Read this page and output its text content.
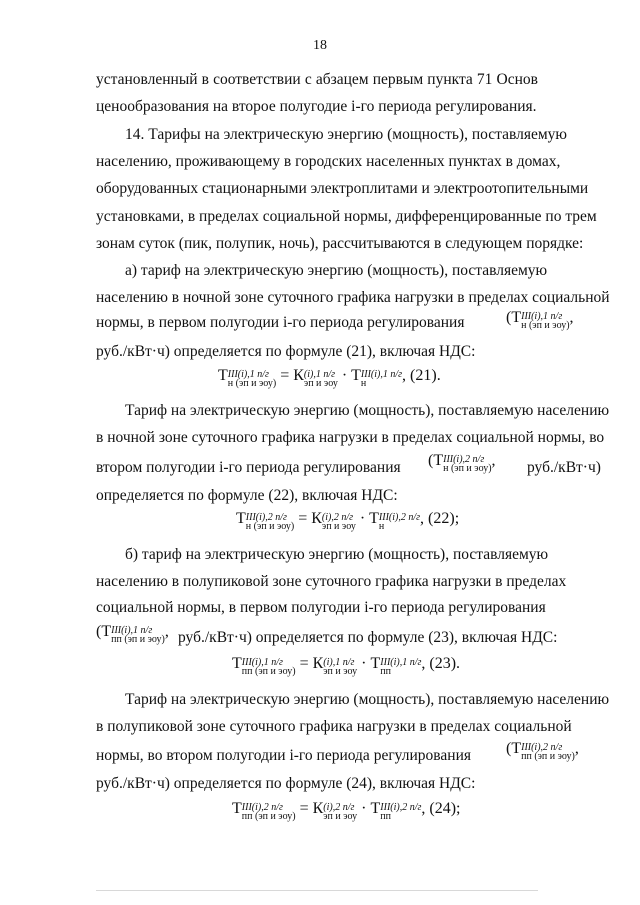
18
установленный в соответствии с абзацем первым пункта 71 Основ
ценообразования на второе полугодие i-го периода регулирования.
14. Тарифы на электрическую энергию (мощность), поставляемую
населению, проживающему в городских населенных пунктах в домах,
оборудованных стационарными электроплитами и электроотопительными
установками, в пределах социальной нормы, дифференцированные по трем
зонам суток (пик, полупик, ночь), рассчитываются в следующем порядке:
а) тариф на электрическую энергию (мощность), поставляемую
населению в ночной зоне суточного графика нагрузки в пределах социальной
нормы, в первом полугодии i-го периода регулирования	(Т III(i),1 п/г
н (эп и эоу) ,
руб./кВт·ч) определяется по формуле (21), включая НДС:
Т III(i),1 п/г
н (эп и эоу) = К (i),1 п/г
эп и эоу · Т III(i),1 п/г
н	, (21).
Тариф на электрическую энергию (мощность), поставляемую населению
в ночной зоне суточного графика нагрузки в пределах социальной нормы, во
втором полугодии i-го периода регулирования	(Т III(i),2 п/г
н (эп и эоу) , руб./кВт·ч)
определяется по формуле (22), включая НДС:
Т III(i),2 п/г
н (эп и эоу) = К (i),2 п/г
эп и эоу · Т III(i),2 п/г
н	, (22);
б) тариф на электрическую энергию (мощность), поставляемую
населению в полупиковой зоне суточного графика нагрузки в пределах
социальной нормы, в первом полугодии i-го периода регулирования
(Т III(i),1 п/г
пп (эп и эоу) , руб./кВт·ч) определяется по формуле (23), включая НДС:
Т III(i),1 п/г
пп (эп и эоу) = К (i),1 п/г
эп и эоу · Т III(i),1 п/г
пп	, (23).
Тариф на электрическую энергию (мощность), поставляемую населению
в полупиковой зоне суточного графика нагрузки в пределах социальной
нормы, во втором полугодии i-го периода регулирования	(Т III(i),2 п/г
пп (эп и эоу) ,
руб./кВт·ч) определяется по формуле (24), включая НДС:
Т III(i),2 п/г
пп (эп и эоу) = К (i),2 п/г
эп и эоу · Т III(i),2 п/г
пп	, (24);
